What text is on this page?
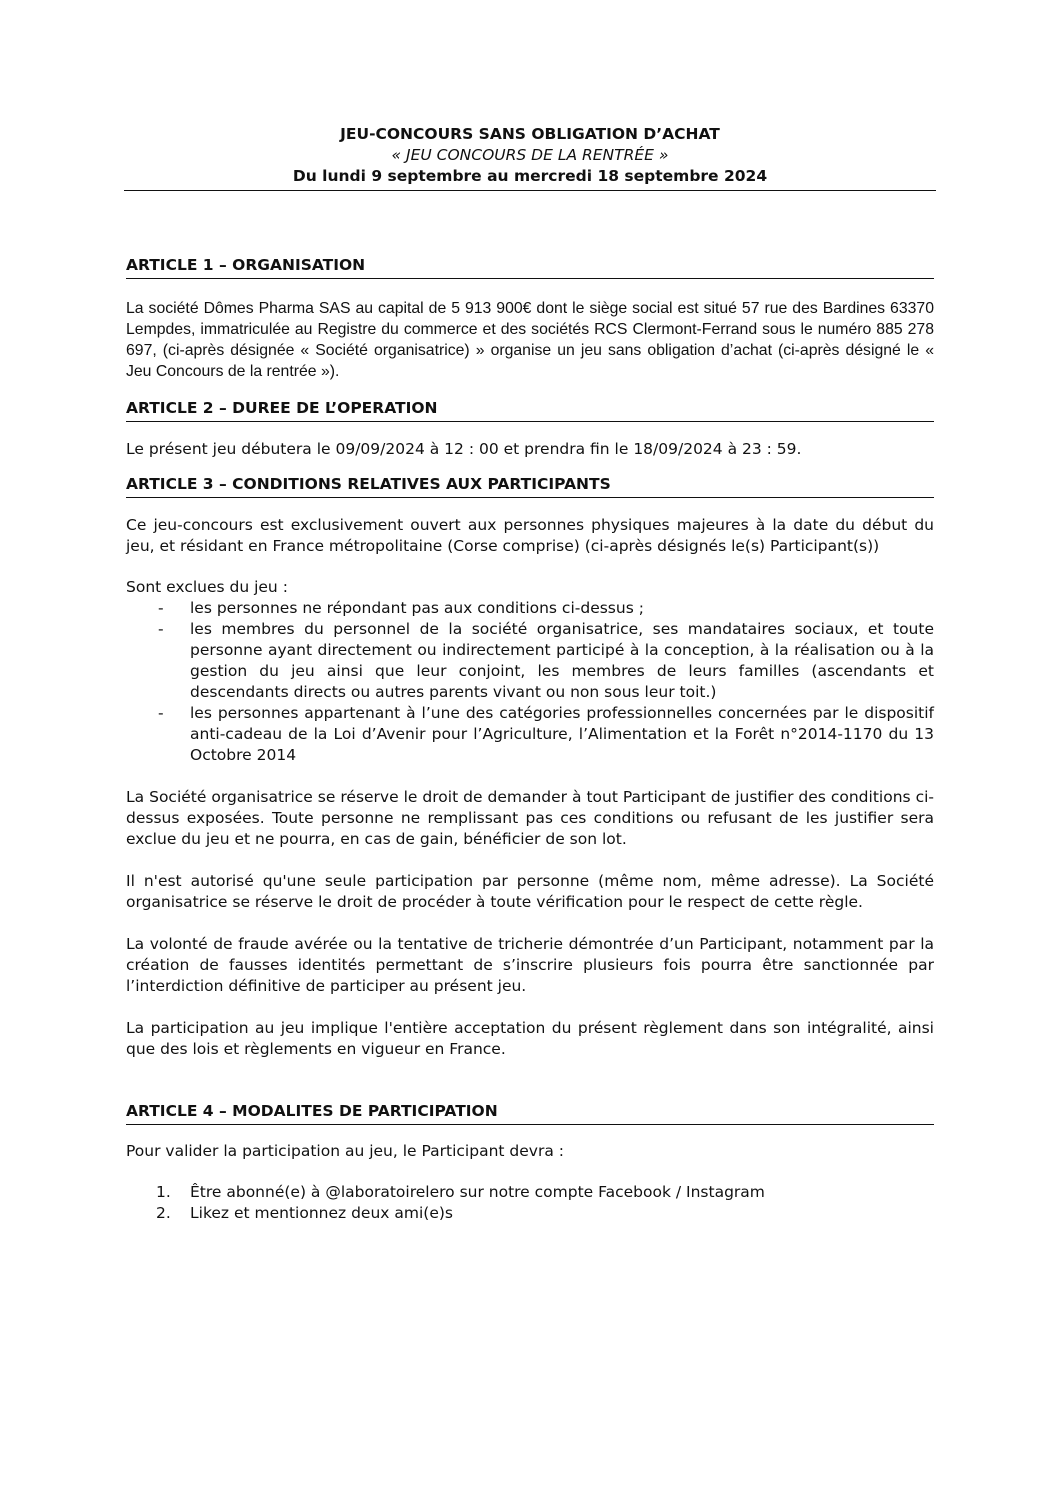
JEU-CONCOURS SANS OBLIGATION D’ACHAT
« JEU CONCOURS DE LA RENTRÉE »
Du lundi 9 septembre au mercredi 18 septembre 2024
ARTICLE 1 – ORGANISATION

La société Dômes Pharma SAS au capital de 5 913 900€ dont le siège social est situé 57 rue des Bardines 63370 Lempdes, immatriculée au Registre du commerce et des sociétés RCS Clermont-Ferrand sous le numéro 885 278 697, (ci-après désignée « Société organisatrice) » organise un jeu sans obligation d’achat (ci-après désigné le « Jeu Concours de la rentrée »).

ARTICLE 2 – DUREE DE L’OPERATION

Le présent jeu débutera le 09/09/2024 à 12 : 00 et prendra fin le 18/09/2024 à 23 : 59.

ARTICLE 3 – CONDITIONS RELATIVES AUX PARTICIPANTS

Ce jeu-concours est exclusivement ouvert aux personnes physiques majeures à la date du début du jeu, et résidant en France métropolitaine (Corse comprise) (ci-après désignés le(s) Participant(s))

Sont exclues du jeu :

- les personnes ne répondant pas aux conditions ci-dessus ;
- les membres du personnel de la société organisatrice, ses mandataires sociaux, et toute personne ayant directement ou indirectement participé à la conception, à la réalisation ou à la gestion du jeu ainsi que leur conjoint, les membres de leurs familles (ascendants et descendants directs ou autres parents vivant ou non sous leur toit.)
- les personnes appartenant à l’une des catégories professionnelles concernées par le dispositif anti-cadeau de la Loi d’Avenir pour l’Agriculture, l’Alimentation et la Forêt n°2014-1170 du 13 Octobre 2014

La Société organisatrice se réserve le droit de demander à tout Participant de justifier des conditions ci-dessus exposées. Toute personne ne remplissant pas ces conditions ou refusant de les justifier sera exclue du jeu et ne pourra, en cas de gain, bénéficier de son lot.

Il n'est autorisé qu'une seule participation par personne (même nom, même adresse). La Société organisatrice se réserve le droit de procéder à toute vérification pour le respect de cette règle.

La volonté de fraude avérée ou la tentative de tricherie démontrée d’un Participant, notamment par la création de fausses identités permettant de s’inscrire plusieurs fois pourra être sanctionnée par l’interdiction définitive de participer au présent jeu.

La participation au jeu implique l'entière acceptation du présent règlement dans son intégralité, ainsi que des lois et règlements en vigueur en France.

ARTICLE 4 – MODALITES DE PARTICIPATION

Pour valider la participation au jeu, le Participant devra :

1. Être abonné(e) à @laboratoirelero sur notre compte Facebook / Instagram
2. Likez et mentionnez deux ami(e)s
